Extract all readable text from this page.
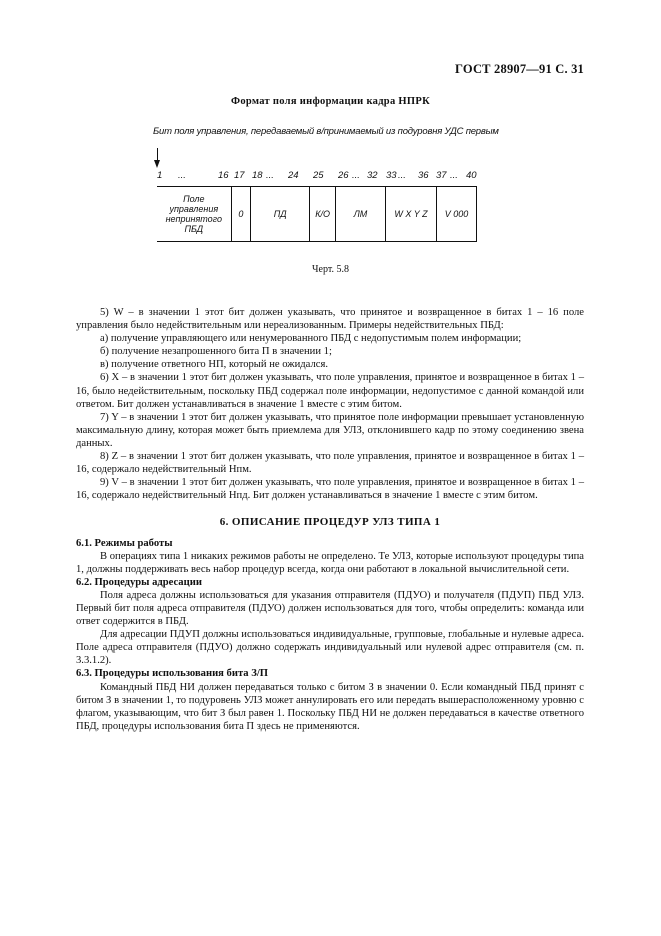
ГОСТ 28907—91 С. 31
Формат поля информации кадра НПРК
Бит поля управления, передаваемый в/принимаемый из подуровня УДС первым
1 ...	16 17 18 ... 24 25 26 ... 32 33 ... 36 37 ... 40
Поле
управления
непринятого
ПБД
	0	ПД	К/О	ЛМ	W X Y Z	V 000
Черт. 5.8

5) W – в значении 1 этот бит должен указывать, что принятое и возвращенное в битах 1 – 16 поле управления было недействительным или нереализованным. Примеры недействительных ПБД:

а) получение управляющего или ненумерованного ПБД с недопустимым полем информации;

б) получение незапрошенного бита П в значении 1;

в) получение ответного НП, который не ожидался.

6) X – в значении 1 этот бит должен указывать, что поле управления, принятое и возвращенное в битах 1 – 16, было недействительным, поскольку ПБД содержал поле информации, недопустимое с данной командой или ответом. Бит должен устанавливаться в значение 1 вместе с этим битом.

7) Y – в значении 1 этот бит должен указывать, что принятое поле информации превышает установленную максимальную длину, которая может быть приемлема для УЛЗ, отклонившего кадр по этому соединению звена данных.

8) Z – в значении 1 этот бит должен указывать, что поле управления, принятое и возвращенное в битах 1 – 16, содержало недействительный Нпм.

9) V – в значении 1 этот бит должен указывать, что поле управления, принятое и возвращенное в битах 1 – 16, содержало недействительный Нпд. Бит должен устанавливаться в значение 1 вместе с этим битом.

6. ОПИСАНИЕ ПРОЦЕДУР УЛЗ ТИПА 1

6.1. Режимы работы

В операциях типа 1 никаких режимов работы не определено. Те УЛЗ, которые используют процедуры типа 1, должны поддерживать весь набор процедур всегда, когда они работают в локальной вычислительной сети.

6.2. Процедуры адресации

Поля адреса должны использоваться для указания отправителя (ПДУО) и получателя (ПДУП) ПБД УЛЗ. Первый бит поля адреса отправителя (ПДУО) должен использоваться для того, чтобы определить: команда или ответ содержится в ПБД.

Для адресации ПДУП должны использоваться индивидуальные, групповые, глобальные и нулевые адреса. Поле адреса отправителя (ПДУО) должно содержать индивидуальный или нулевой адрес отправителя (см. п. 3.3.1.2).

6.3. Процедуры использования бита З/П

Командный ПБД НИ должен передаваться только с битом З в значении 0. Если командный ПБД принят с битом З в значении 1, то подуровень УЛЗ может аннулировать его или передать вышерасположенному уровню с флагом, указывающим, что бит З был равен 1. Поскольку ПБД НИ не должен передаваться в качестве ответного ПБД, процедуры использования бита П здесь не применяются.
